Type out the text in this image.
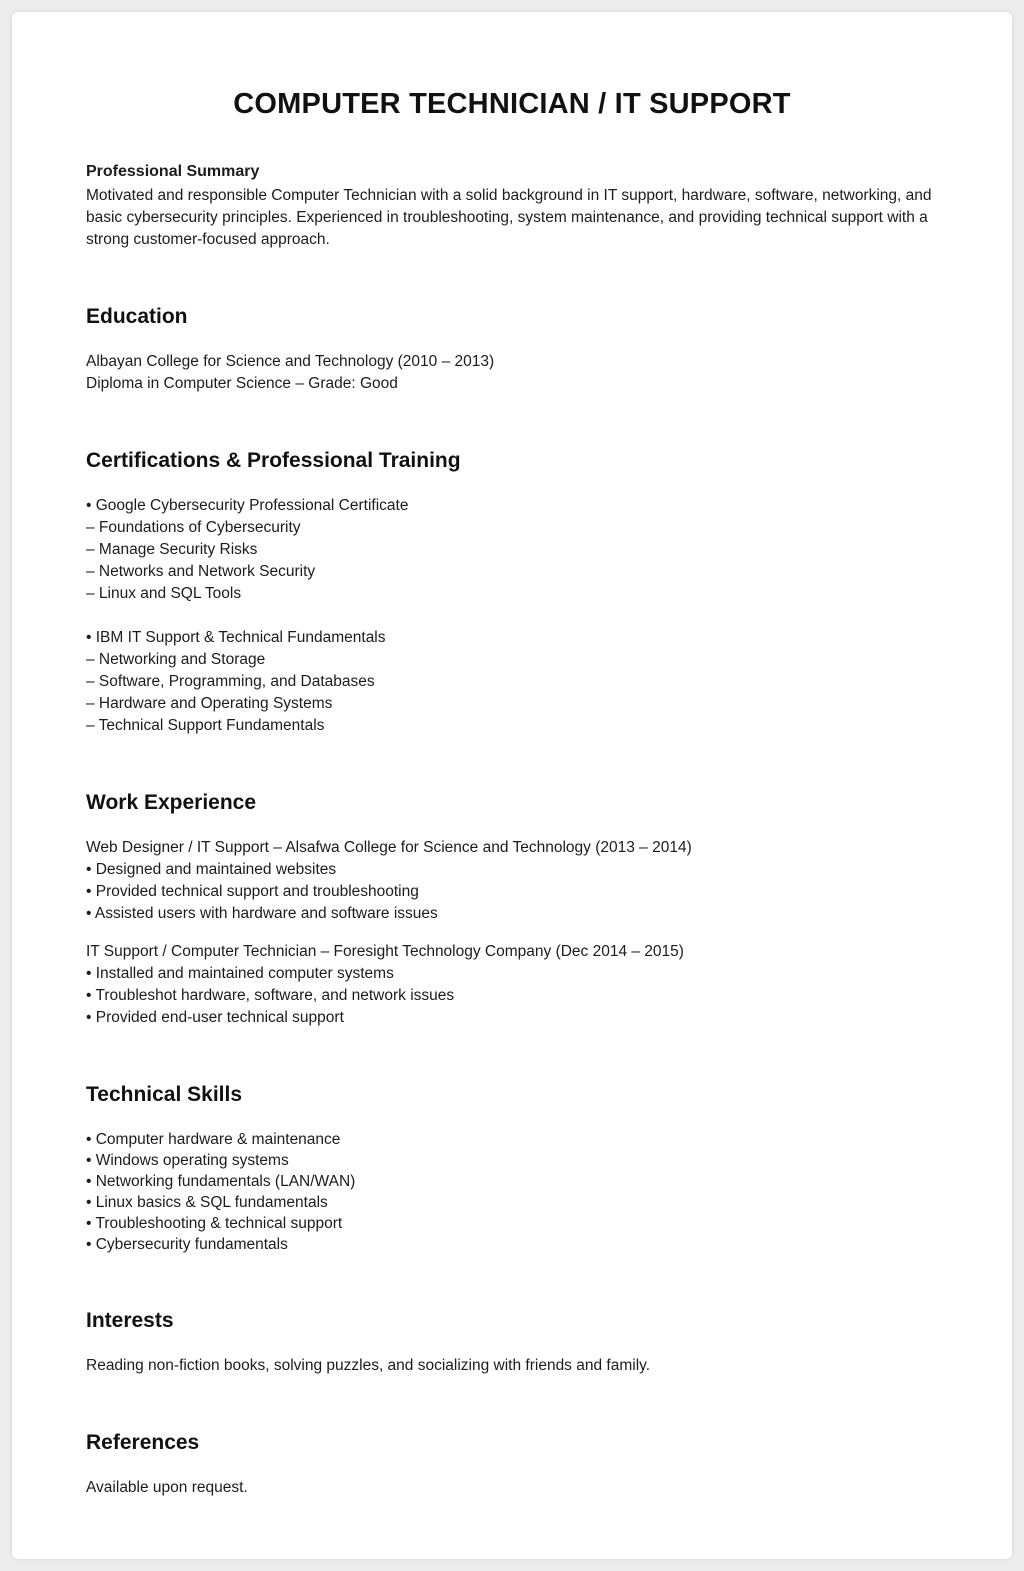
COMPUTER TECHNICIAN / IT SUPPORT
Professional Summary

Motivated and responsible Computer Technician with a solid background in IT support, hardware, software, networking, and basic cybersecurity principles. Experienced in troubleshooting, system maintenance, and providing technical support with a strong customer-focused approach.

Education
Albayan College for Science and Technology (2010 – 2013)
Diploma in Computer Science – Grade: Good
Certifications & Professional Training
• Google Cybersecurity Professional Certificate
– Foundations of Cybersecurity
– Manage Security Risks
– Networks and Network Security
– Linux and SQL Tools
• IBM IT Support & Technical Fundamentals
– Networking and Storage
– Software, Programming, and Databases
– Hardware and Operating Systems
– Technical Support Fundamentals
Work Experience
Web Designer / IT Support – Alsafwa College for Science and Technology (2013 – 2014)
• Designed and maintained websites
• Provided technical support and troubleshooting
• Assisted users with hardware and software issues
IT Support / Computer Technician – Foresight Technology Company (Dec 2014 – 2015)
• Installed and maintained computer systems
• Troubleshot hardware, software, and network issues
• Provided end-user technical support
Technical Skills
• Computer hardware & maintenance
• Windows operating systems
• Networking fundamentals (LAN/WAN)
• Linux basics & SQL fundamentals
• Troubleshooting & technical support
• Cybersecurity fundamentals
Interests

Reading non-fiction books, solving puzzles, and socializing with friends and family.

References

Available upon request.
